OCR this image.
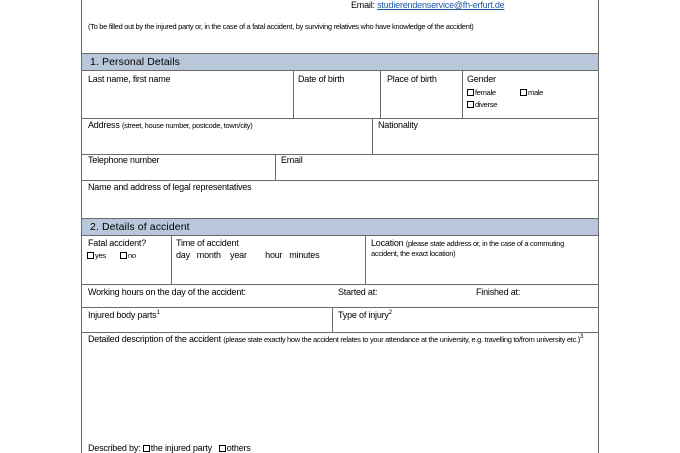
Email: studierendenservice@fh-erfurt.de
(To be filled out by the injured party or, in the case of a fatal accident, by surviving relatives who have knowledge of the accident)
1. Personal Details
Last name, first name	Date of birth	Place of birth	Gender
female	male
diverse
Address (street, house number, postcode, town/city)	Nationality
Telephone number	Email
Name and address of legal representatives
2. Details of accident
Fatal accident?
yes	no
Time of accident
day   month    year        hour   minutes
Location (please state address or, in the case of a commuting accident, the exact location)
Working hours on the day of the accident:	Started at:	Finished at:
Injured body parts$^1$	Type of injury$^2$
Detailed description of the accident (please state exactly how the accident relates to your attendance at the university, e.g. travelling to/from university etc.)$^3$
Described by: the injured party others
